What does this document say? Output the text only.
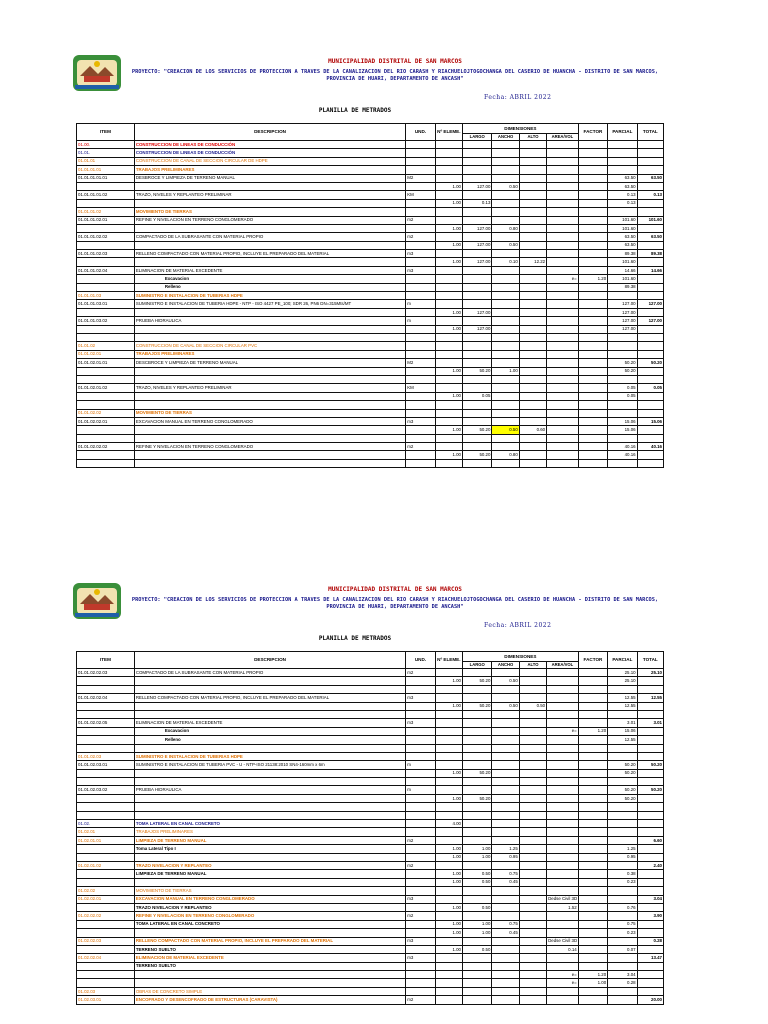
MUNICIPALIDAD DISTRITAL DE SAN MARCOS
PROYECTO: "CREACION DE LOS SERVICIOS DE PROTECCION A TRAVES DE LA CANALIZACION DEL RIO CARASH Y RIACHUELOJTOGOCHANGA DEL CASERIO DE HUANCHA - DISTRITO DE SAN MARCOS, PROVINCIA DE HUARI, DEPARTAMENTO DE ANCASH"
Fecha: ABRIL 2022
PLANILLA DE METRADOS
ITEM	DESCRIPCION	UND.	Nº ELEME.	DIMENSIONES				FACTOR	PARCIAL	TOTAL
				LARGO	ANCHO	ALTO	AREA/VOL			
01.00.	CONSTRUCCION DE LINEAS DE CONDUCCIÓN									
01.01.	CONSTRUCCION DE LINEAS DE CONDUCCIÓN									
01.01.01	CONSTRUCCION DE CANAL DE SECCION CIRCULAR DE HDPE									
01.01.01.01	TRABAJOS PRELIMINARES									
01.01.01.01.01	DESBROCE Y LIMPIEZA DE TERRENO MANUAL	M2							63.50	63.50
			1.00	127.00	0.50				63.50	
01.01.01.01.02	TRAZO, NIVELES Y REPLANTEO PRELIMINAR	KM							0.13	0.13
			1.00	0.13					0.13	
01.01.01.02	MOVIMIENTO DE TIERRAS									
01.01.01.02.01	REFINE Y NIVELACION EN TERRENO CONGLOMERADO	m2							101.60	101.60
			1.00	127.00	0.80				101.60	
01.01.01.02.02	COMPACTADO DE LA SUBRASANTE CON MATERIAL PROPIO	m2							63.50	63.50
			1.00	127.00	0.50				63.50	
01.01.01.02.03	RELLENO COMPACTADO CON MATERIAL PROPIO, INCLUYE EL PREPARADO DEL MATERIAL	m3							89.38	89.38
			1.00	127.00	0.10	12.22			101.60	
01.01.01.02.04	ELIMINACION DE MATERIAL EXCEDENTE	m3							14.66	14.66
	Excavacion						e=	1.20	101.60	
	Relleno								89.38	
01.01.01.03	SUMINISTRO E INSTALACION DE TUBERIAS HDPE									
01.01.01.03.01	SUMINISTRO E INSTALACION DE TUBERIA HDPE - NTP - ISO 4427 PE_100; SDR 26, PN6 DN=315Mts/MT	m							127.00	127.00
			1.00	127.00					127.00	
01.01.01.03.02	PRUEBA HIDRAULICA	m							127.00	127.00
			1.00	127.00					127.00	

01.01.02	CONSTRUCCION DE CANAL DE SECCION CIRCULAR PVC									
01.01.02.01	TRABAJOS PRELIMINARES									
01.01.02.01.01	DESCBROCE Y LIMPIEZA DE TERRENO MANUAL	M2							50.20	50.20
			1.00	50.20	1.00				50.20	

01.01.02.01.02	TRAZO, NIVELES Y REPLANTEO PRELIMINAR	KM							0.05	0.05
			1.00	0.05					0.05	

01.01.02.02	MOVIMIENTO DE TIERRAS									
01.01.02.02.01	EXCAVACION MANUAL EN TERRENO CONGLOMERADO	m3							15.06	15.06
			1.00	50.20	0.50	0.60			15.06	

01.01.02.02.02	REFINE Y NIVELACION EN TERRENO CONGLOMERADO	m2							40.16	40.16
			1.00	50.20	0.80				40.16	

MUNICIPALIDAD DISTRITAL DE SAN MARCOS
PROYECTO: "CREACION DE LOS SERVICIOS DE PROTECCION A TRAVES DE LA CANALIZACION DEL RIO CARASH Y RIACHUELOJTOGOCHANGA DEL CASERIO DE HUANCHA - DISTRITO DE SAN MARCOS, PROVINCIA DE HUARI, DEPARTAMENTO DE ANCASH"
Fecha: ABRIL 2022
PLANILLA DE METRADOS
ITEM	DESCRIPCION	UND.	Nº ELEME.	DIMENSIONES				FACTOR	PARCIAL	TOTAL
				LARGO	ANCHO	ALTO	AREA/VOL			
01.01.02.02.03	COMPACTADO DE LA SUBRASANTE CON MATERIAL PROPIO	m2							25.10	25.10
			1.00	50.20	0.50				25.10	

01.01.02.02.04	RELLENO COMPACTADO CON MATERIAL PROPIO, INCLUYE EL PREPARADO DEL MATERIAL	m3							12.55	12.55
			1.00	50.20	0.50	0.50			12.55	

01.01.02.02.05	ELIMINACION DE MATERIAL EXCEDENTE	m3							3.01	3.01
	Excavacion						e=	1.20	15.06	
	Relleno								12.55	

01.01.02.03	SUMINISTRO E INSTALACION DE TUBERIAS HDPE									
01.01.02.03.01	SUMINISTRO E INSTALACION DE TUBERIA PVC - U - NTP-ISO 21138:2010 SN4-160mm x 6m	m							50.20	50.20
			1.00	50.20					50.20	

01.01.02.03.02	PRUEBA HIDRAULICA	m							50.20	50.20
			1.00	50.20					50.20	

01.02.	TOMA LATERAL EN CANAL CONCRETO		4.00							
01.02.01	TRABAJOS PRELIMINARES									
01.02.01.01	LIMPIEZA DE TERRENO MANUAL	m2								6.60
	Toma Lateral Tipo I		1.00	1.00	1.25				1.25	
			1.00	1.00	0.95				0.95	
01.02.01.02	TRAZO NIVELACION Y REPLANTEO	m2								2.40
	LIMPIEZA DE TERRENO MANUAL		1.00	0.50	0.75				0.38	
			1.00	0.50	0.45				0.23	
01.02.02	MOVIMIENTO DE TIERRAS									
01.02.02.01	EXCAVACION MANUAL EN TERRENO CONGLOMERADO	m3					Dedse Civil 3D			3.04
	TRAZO NIVELACION Y REPLANTEO		1.00	0.50			1.52		0.76	
01.02.02.02	REFINE Y NIVELACION EN TERRENO CONGLOMERADO	m2								3.90
	TOMA LATERAL EN CANAL CONCRETO		1.00	1.00	0.75				0.75	
			1.00	1.00	0.45				0.23	
01.02.02.03	RELLENO COMPACTADO CON MATERIAL PROPIO, INCLUYE EL PREPARADO DEL MATERIAL	m3					Dedse Civil 3D			0.28
	TERRENO SUELTO		1.00	0.50			0.14		0.07	
01.02.02.04	ELIMINACION DE MATERIAL EXCEDENTE	m3								13.47
	TERRENO SUELTO									
							e=	1.20	3.04	
							e=	1.00	0.28	
01.02.03	OBRAS DE CONCRETO SIMPLE									
01.02.03.01	ENCOFRADO Y DESENCOFRADO DE ESTRUCTURAS (CARAVISTA)	m2								20.00
